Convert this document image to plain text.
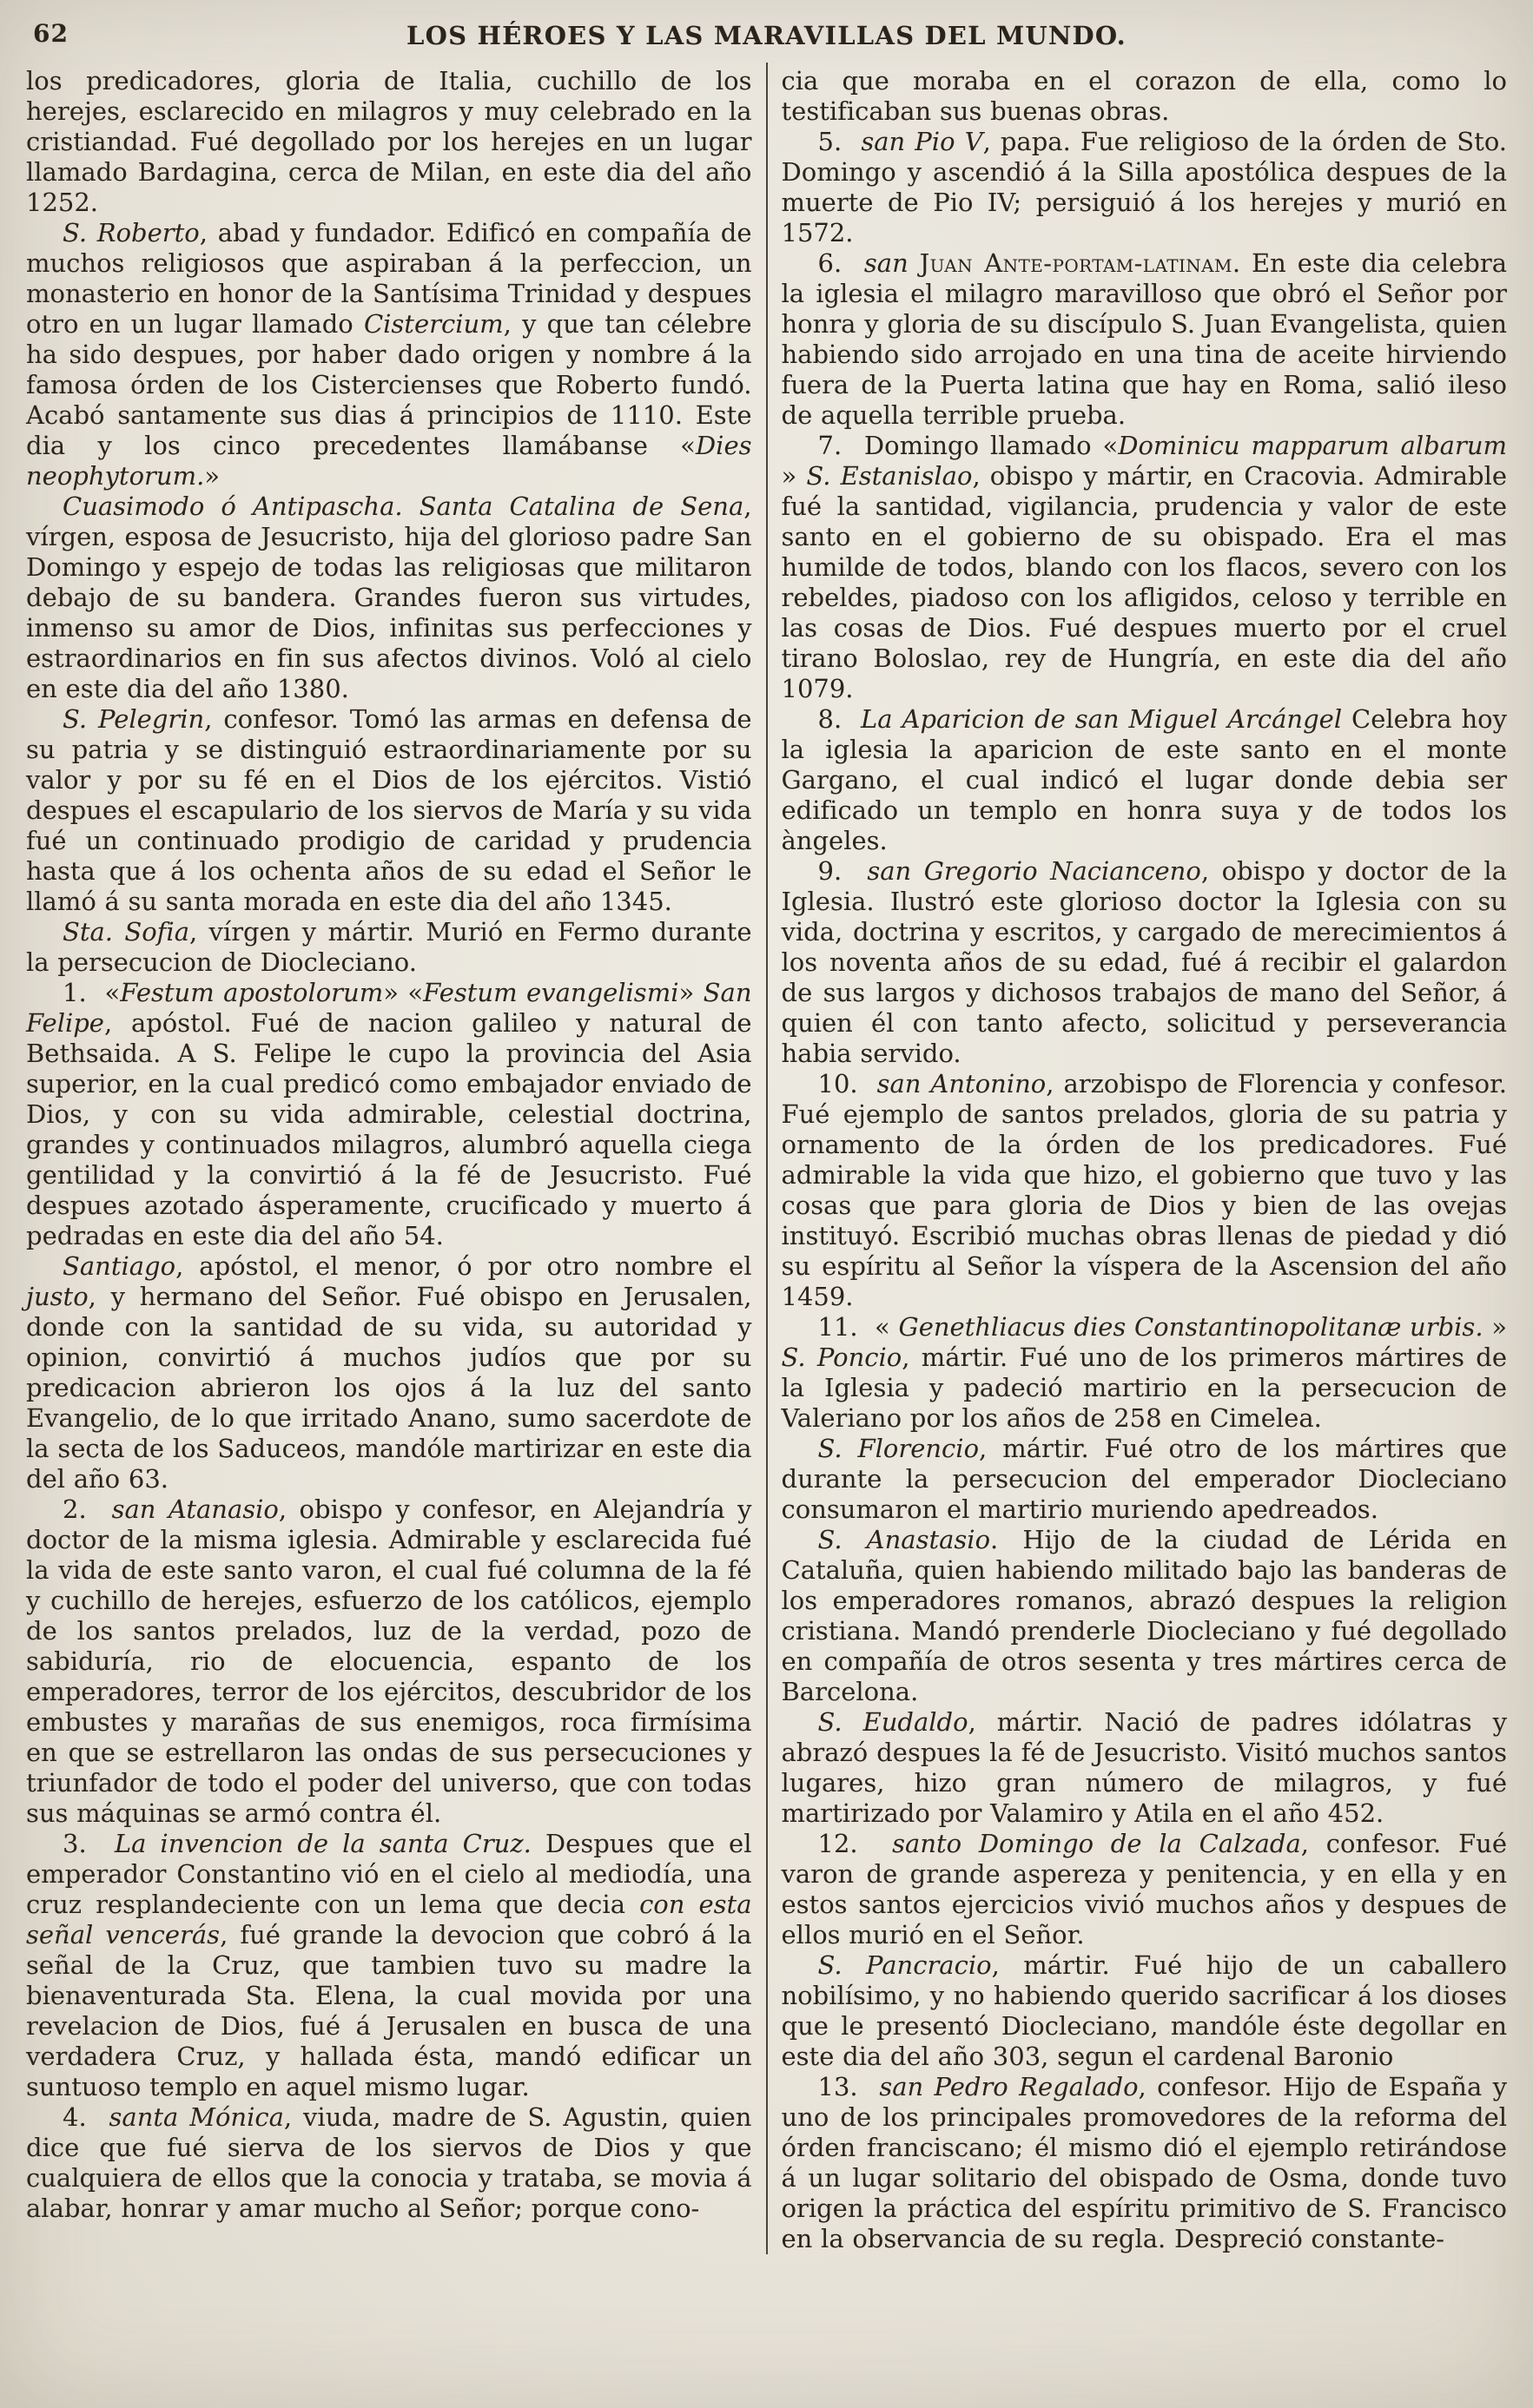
62	LOS HÉROES Y LAS MARAVILLAS DEL MUNDO.

los predicadores, gloria de Italia, cuchillo de los herejes, esclarecido en milagros y muy celebrado en la cristiandad. Fué degollado por los herejes en un lugar llamado Bardagina, cerca de Milan, en este dia del año 1252.

S. Roberto, abad y fundador. Edificó en compañía de muchos religiosos que aspiraban á la perfeccion, un monasterio en honor de la Santísima Trinidad y despues otro en un lugar llamado Cistercium, y que tan célebre ha sido despues, por haber dado origen y nombre á la famosa órden de los Cistercienses que Roberto fundó. Acabó santamente sus dias á principios de 1110. Este dia y los cinco precedentes llamábanse «Dies neophytorum.»

Cuasimodo ó Antipascha. Santa Catalina de Sena, vírgen, esposa de Jesucristo, hija del glorioso padre San Domingo y espejo de todas las religiosas que militaron debajo de su bandera. Grandes fueron sus virtudes, inmenso su amor de Dios, infinitas sus perfecciones y estraordinarios en fin sus afectos divinos. Voló al cielo en este dia del año 1380.

S. Pelegrin, confesor. Tomó las armas en defensa de su patria y se distinguió estraordinariamente por su valor y por su fé en el Dios de los ejércitos. Vistió despues el escapulario de los siervos de María y su vida fué un continuado prodigio de caridad y prudencia hasta que á los ochenta años de su edad el Señor le llamó á su santa morada en este dia del año 1345.

Sta. Sofia, vírgen y mártir. Murió en Fermo durante la persecucion de Diocleciano.

1.  «Festum apostolorum» «Festum evangelismi» San Felipe, apóstol. Fué de nacion galileo y natural de Bethsaida. A S. Felipe le cupo la provincia del Asia superior, en la cual predicó como embajador enviado de Dios, y con su vida admirable, celestial doctrina, grandes y continuados milagros, alumbró aquella ciega gentilidad y la convirtió á la fé de Jesucristo. Fué despues azotado ásperamente, crucificado y muerto á pedradas en este dia del año 54.

Santiago, apóstol, el menor, ó por otro nombre el justo, y hermano del Señor. Fué obispo en Jerusalen, donde con la santidad de su vida, su autoridad y opinion, convirtió á muchos judíos que por su predicacion abrieron los ojos á la luz del santo Evangelio, de lo que irritado Anano, sumo sacerdote de la secta de los Saduceos, mandóle martirizar en este dia del año 63.

2.  san Atanasio, obispo y confesor, en Alejandría y doctor de la misma iglesia. Admirable y esclarecida fué la vida de este santo varon, el cual fué columna de la fé y cuchillo de herejes, esfuerzo de los católicos, ejemplo de los santos prelados, luz de la verdad, pozo de sabiduría, rio de elocuencia, espanto de los emperadores, terror de los ejércitos, descubridor de los embustes y marañas de sus enemigos, roca firmísima en que se estrellaron las ondas de sus persecuciones y triunfador de todo el poder del universo, que con todas sus máquinas se armó contra él.

3.  La invencion de la santa Cruz. Despues que el emperador Constantino vió en el cielo al mediodía, una cruz resplandeciente con un lema que decia con esta señal vencerás, fué grande la devocion que cobró á la señal de la Cruz, que tambien tuvo su madre la bienaventurada Sta. Elena, la cual movida por una revelacion de Dios, fué á Jerusalen en busca de una verdadera Cruz, y hallada ésta, mandó edificar un suntuoso templo en aquel mismo lugar.

4.  santa Mónica, viuda, madre de S. Agustin, quien dice que fué sierva de los siervos de Dios y que cualquiera de ellos que la conocia y trataba, se movia á alabar, honrar y amar mucho al Señor; porque cono-

cia que moraba en el corazon de ella, como lo testificaban sus buenas obras.

5.  san Pio V, papa. Fue religioso de la órden de Sto. Domingo y ascendió á la Silla apostólica despues de la muerte de Pio IV; persiguió á los herejes y murió en 1572.

6.  san Juan Ante-portam-latinam. En este dia celebra la iglesia el milagro maravilloso que obró el Señor por honra y gloria de su discípulo S. Juan Evangelista, quien habiendo sido arrojado en una tina de aceite hirviendo fuera de la Puerta latina que hay en Roma, salió ileso de aquella terrible prueba.

7.  Domingo llamado «Dominicu mapparum albarum » S. Estanislao, obispo y mártir, en Cracovia. Admirable fué la santidad, vigilancia, prudencia y valor de este santo en el gobierno de su obispado. Era el mas humilde de todos, blando con los flacos, severo con los rebeldes, piadoso con los afligidos, celoso y terrible en las cosas de Dios. Fué despues muerto por el cruel tirano Boloslao, rey de Hungría, en este dia del año 1079.

8.  La Aparicion de san Miguel Arcángel Celebra hoy la iglesia la aparicion de este santo en el monte Gargano, el cual indicó el lugar donde debia ser edificado un templo en honra suya y de todos los àngeles.

9.  san Gregorio Nacianceno, obispo y doctor de la Iglesia. Ilustró este glorioso doctor la Iglesia con su vida, doctrina y escritos, y cargado de merecimientos á los noventa años de su edad, fué á recibir el galardon de sus largos y dichosos trabajos de mano del Señor, á quien él con tanto afecto, solicitud y perseverancia habia servido.

10.  san Antonino, arzobispo de Florencia y confesor. Fué ejemplo de santos prelados, gloria de su patria y ornamento de la órden de los predicadores. Fué admirable la vida que hizo, el gobierno que tuvo y las cosas que para gloria de Dios y bien de las ovejas instituyó. Escribió muchas obras llenas de piedad y dió su espíritu al Señor la víspera de la Ascension del año 1459.

11.  « Genethliacus dies Constantinopolitanæ urbis. » S. Poncio, mártir. Fué uno de los primeros mártires de la Iglesia y padeció martirio en la persecucion de Valeriano por los años de 258 en Cimelea.

S. Florencio, mártir. Fué otro de los mártires que durante la persecucion del emperador Diocleciano consumaron el martirio muriendo apedreados.

S. Anastasio. Hijo de la ciudad de Lérida en Cataluña, quien habiendo militado bajo las banderas de los emperadores romanos, abrazó despues la religion cristiana. Mandó prenderle Diocleciano y fué degollado en compañía de otros sesenta y tres mártires cerca de Barcelona.

S. Eudaldo, mártir. Nació de padres idólatras y abrazó despues la fé de Jesucristo. Visitó muchos santos lugares, hizo gran número de milagros, y fué martirizado por Valamiro y Atila en el año 452.

12.  santo Domingo de la Calzada, confesor. Fué varon de grande aspereza y penitencia, y en ella y en estos santos ejercicios vivió muchos años y despues de ellos murió en el Señor.

S. Pancracio, mártir. Fué hijo de un caballero nobilísimo, y no habiendo querido sacrificar á los dioses que le presentó Diocleciano, mandóle éste degollar en este dia del año 303, segun el cardenal Baronio

13.  san Pedro Regalado, confesor. Hijo de España y uno de los principales promovedores de la reforma del órden franciscano; él mismo dió el ejemplo retirándose á un lugar solitario del obispado de Osma, donde tuvo origen la práctica del espíritu primitivo de S. Francisco en la observancia de su regla. Despreció constante-
